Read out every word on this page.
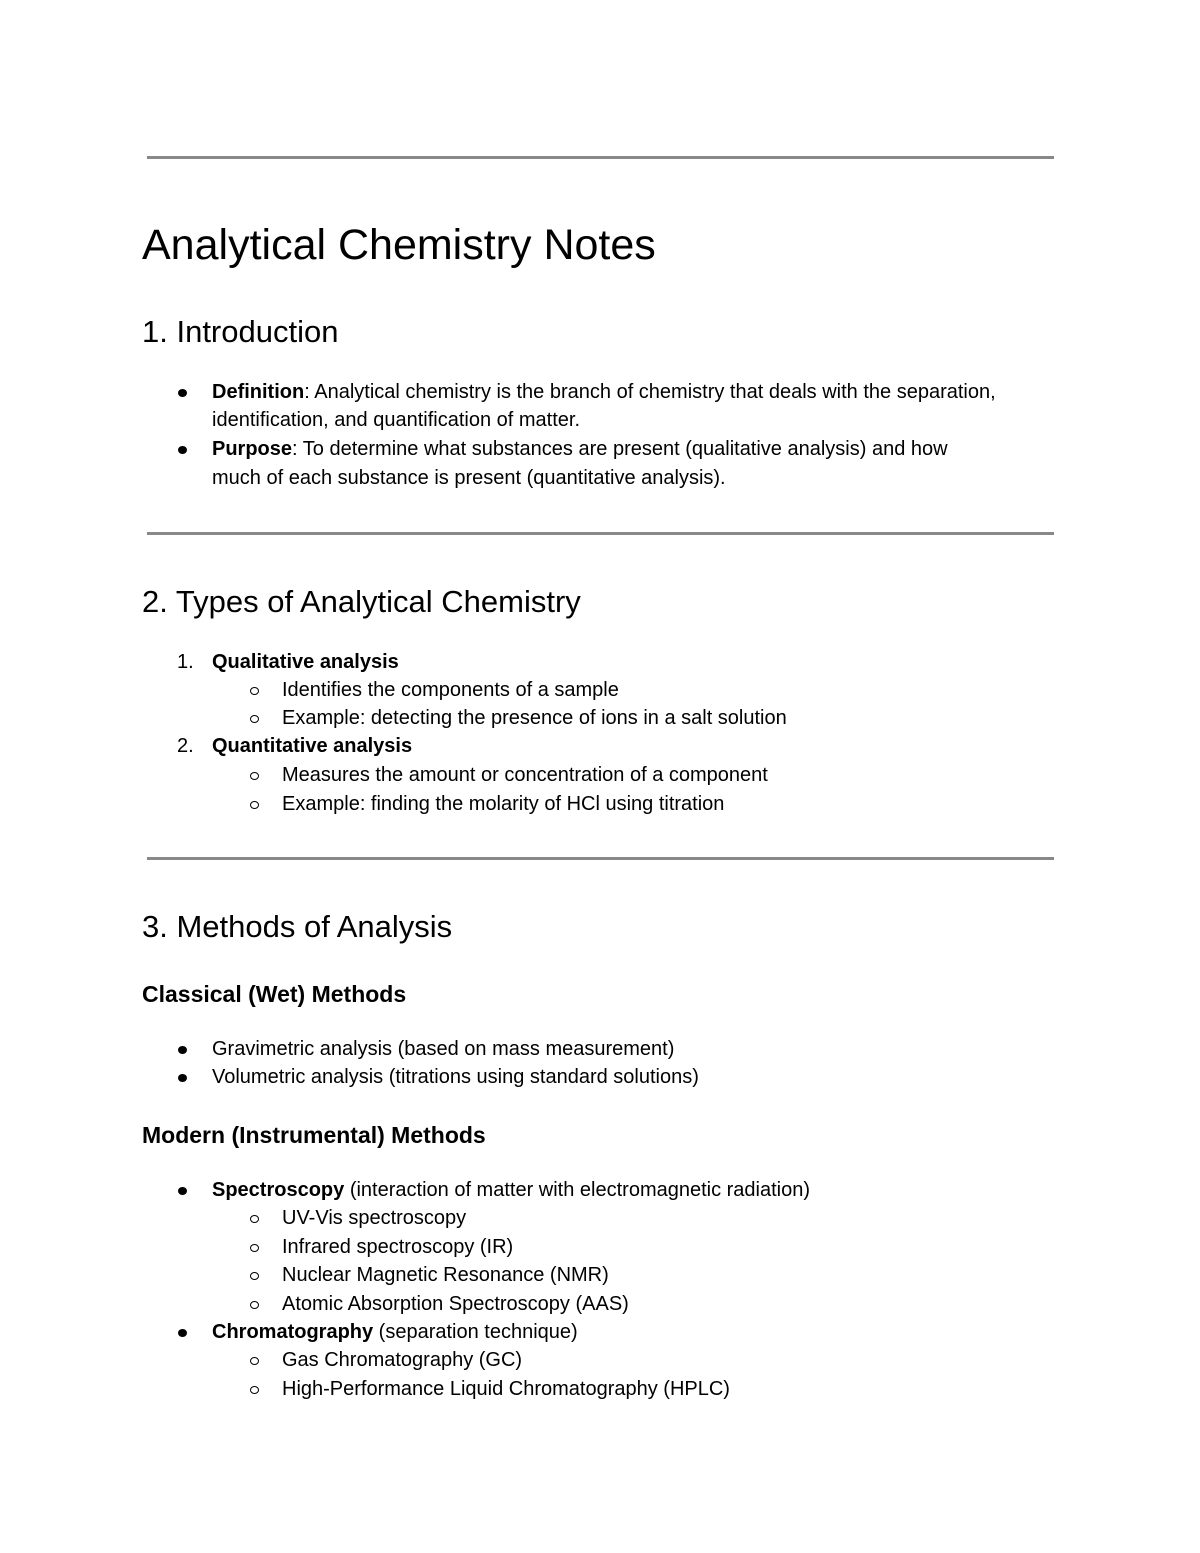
Analytical Chemistry Notes
1. Introduction
Definition: Analytical chemistry is the branch of chemistry that deals with the separation,
identification, and quantification of matter.
Purpose: To determine what substances are present (qualitative analysis) and how
much of each substance is present (quantitative analysis).
2. Types of Analytical Chemistry
1. Qualitative analysis
Identifies the components of a sample
Example: detecting the presence of ions in a salt solution
2. Quantitative analysis
Measures the amount or concentration of a component
Example: finding the molarity of HCl using titration
3. Methods of Analysis
Classical (Wet) Methods
Gravimetric analysis (based on mass measurement)
Volumetric analysis (titrations using standard solutions)
Modern (Instrumental) Methods
Spectroscopy (interaction of matter with electromagnetic radiation)
UV-Vis spectroscopy
Infrared spectroscopy (IR)
Nuclear Magnetic Resonance (NMR)
Atomic Absorption Spectroscopy (AAS)
Chromatography (separation technique)
Gas Chromatography (GC)
High-Performance Liquid Chromatography (HPLC)
